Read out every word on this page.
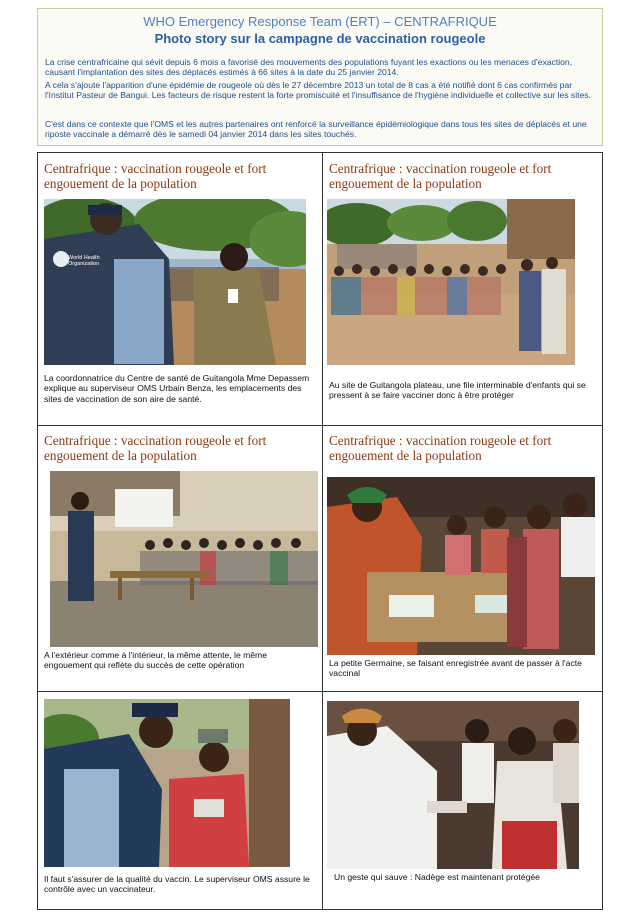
WHO Emergency Response Team (ERT) – CENTRAFRIQUE
Photo story sur la campagne de vaccination rougeole

La crise centrafricaine qui sévit depuis 6 mois a favorisé des mouvements des populations fuyant les exactions ou les menaces d'exaction, causant l'implantation des sites des déplacés estimés à 66 sites à la date du 25 janvier 2014.

A cela s'ajoute l'apparition d'une épidémie de rougeole où dès le 27 décembre 2013 un total de 8 cas a été notifié dont 6 cas confirmés par l'Institut Pasteur de Bangui. Les facteurs de risque restent la forte promiscuité et l'insuffisance de l'hygiène individuelle et collective sur les sites.

C'est dans ce contexte que l'OMS et les autres partenaires ont renforcé la surveillance épidémiologique dans tous les sites de déplacés et une riposte vaccinale a démarré dès le samedi 04 janvier 2014 dans les sites touchés.

Centrafrique : vaccination rougeole et fort engouement de la population
World Health Organization

La coordonnatrice du Centre de santé de Guitangola Mme Depassem explique au superviseur OMS Urbain Benza, les emplacements des sites de vaccination de son aire de santé.

Centrafrique : vaccination rougeole et fort engouement de la population

Au site de Guitangola plateau, une file interminable d'enfants qui se pressent à se faire vacciner donc à être protéger

Centrafrique : vaccination rougeole et fort engouement de la population

A l'extérieur comme à l'intérieur, la même attente, le même engouement qui reflète du succès de cette opération

Centrafrique : vaccination rougeole et fort engouement de la population

La petite Germaine, se faisant enregistrée avant de passer à l'acte vaccinal

Il faut s'assurer de la qualité du vaccin. Le superviseur OMS assure le contrôle avec un vaccinateur.

Un geste qui sauve : Nadège est maintenant protégée
